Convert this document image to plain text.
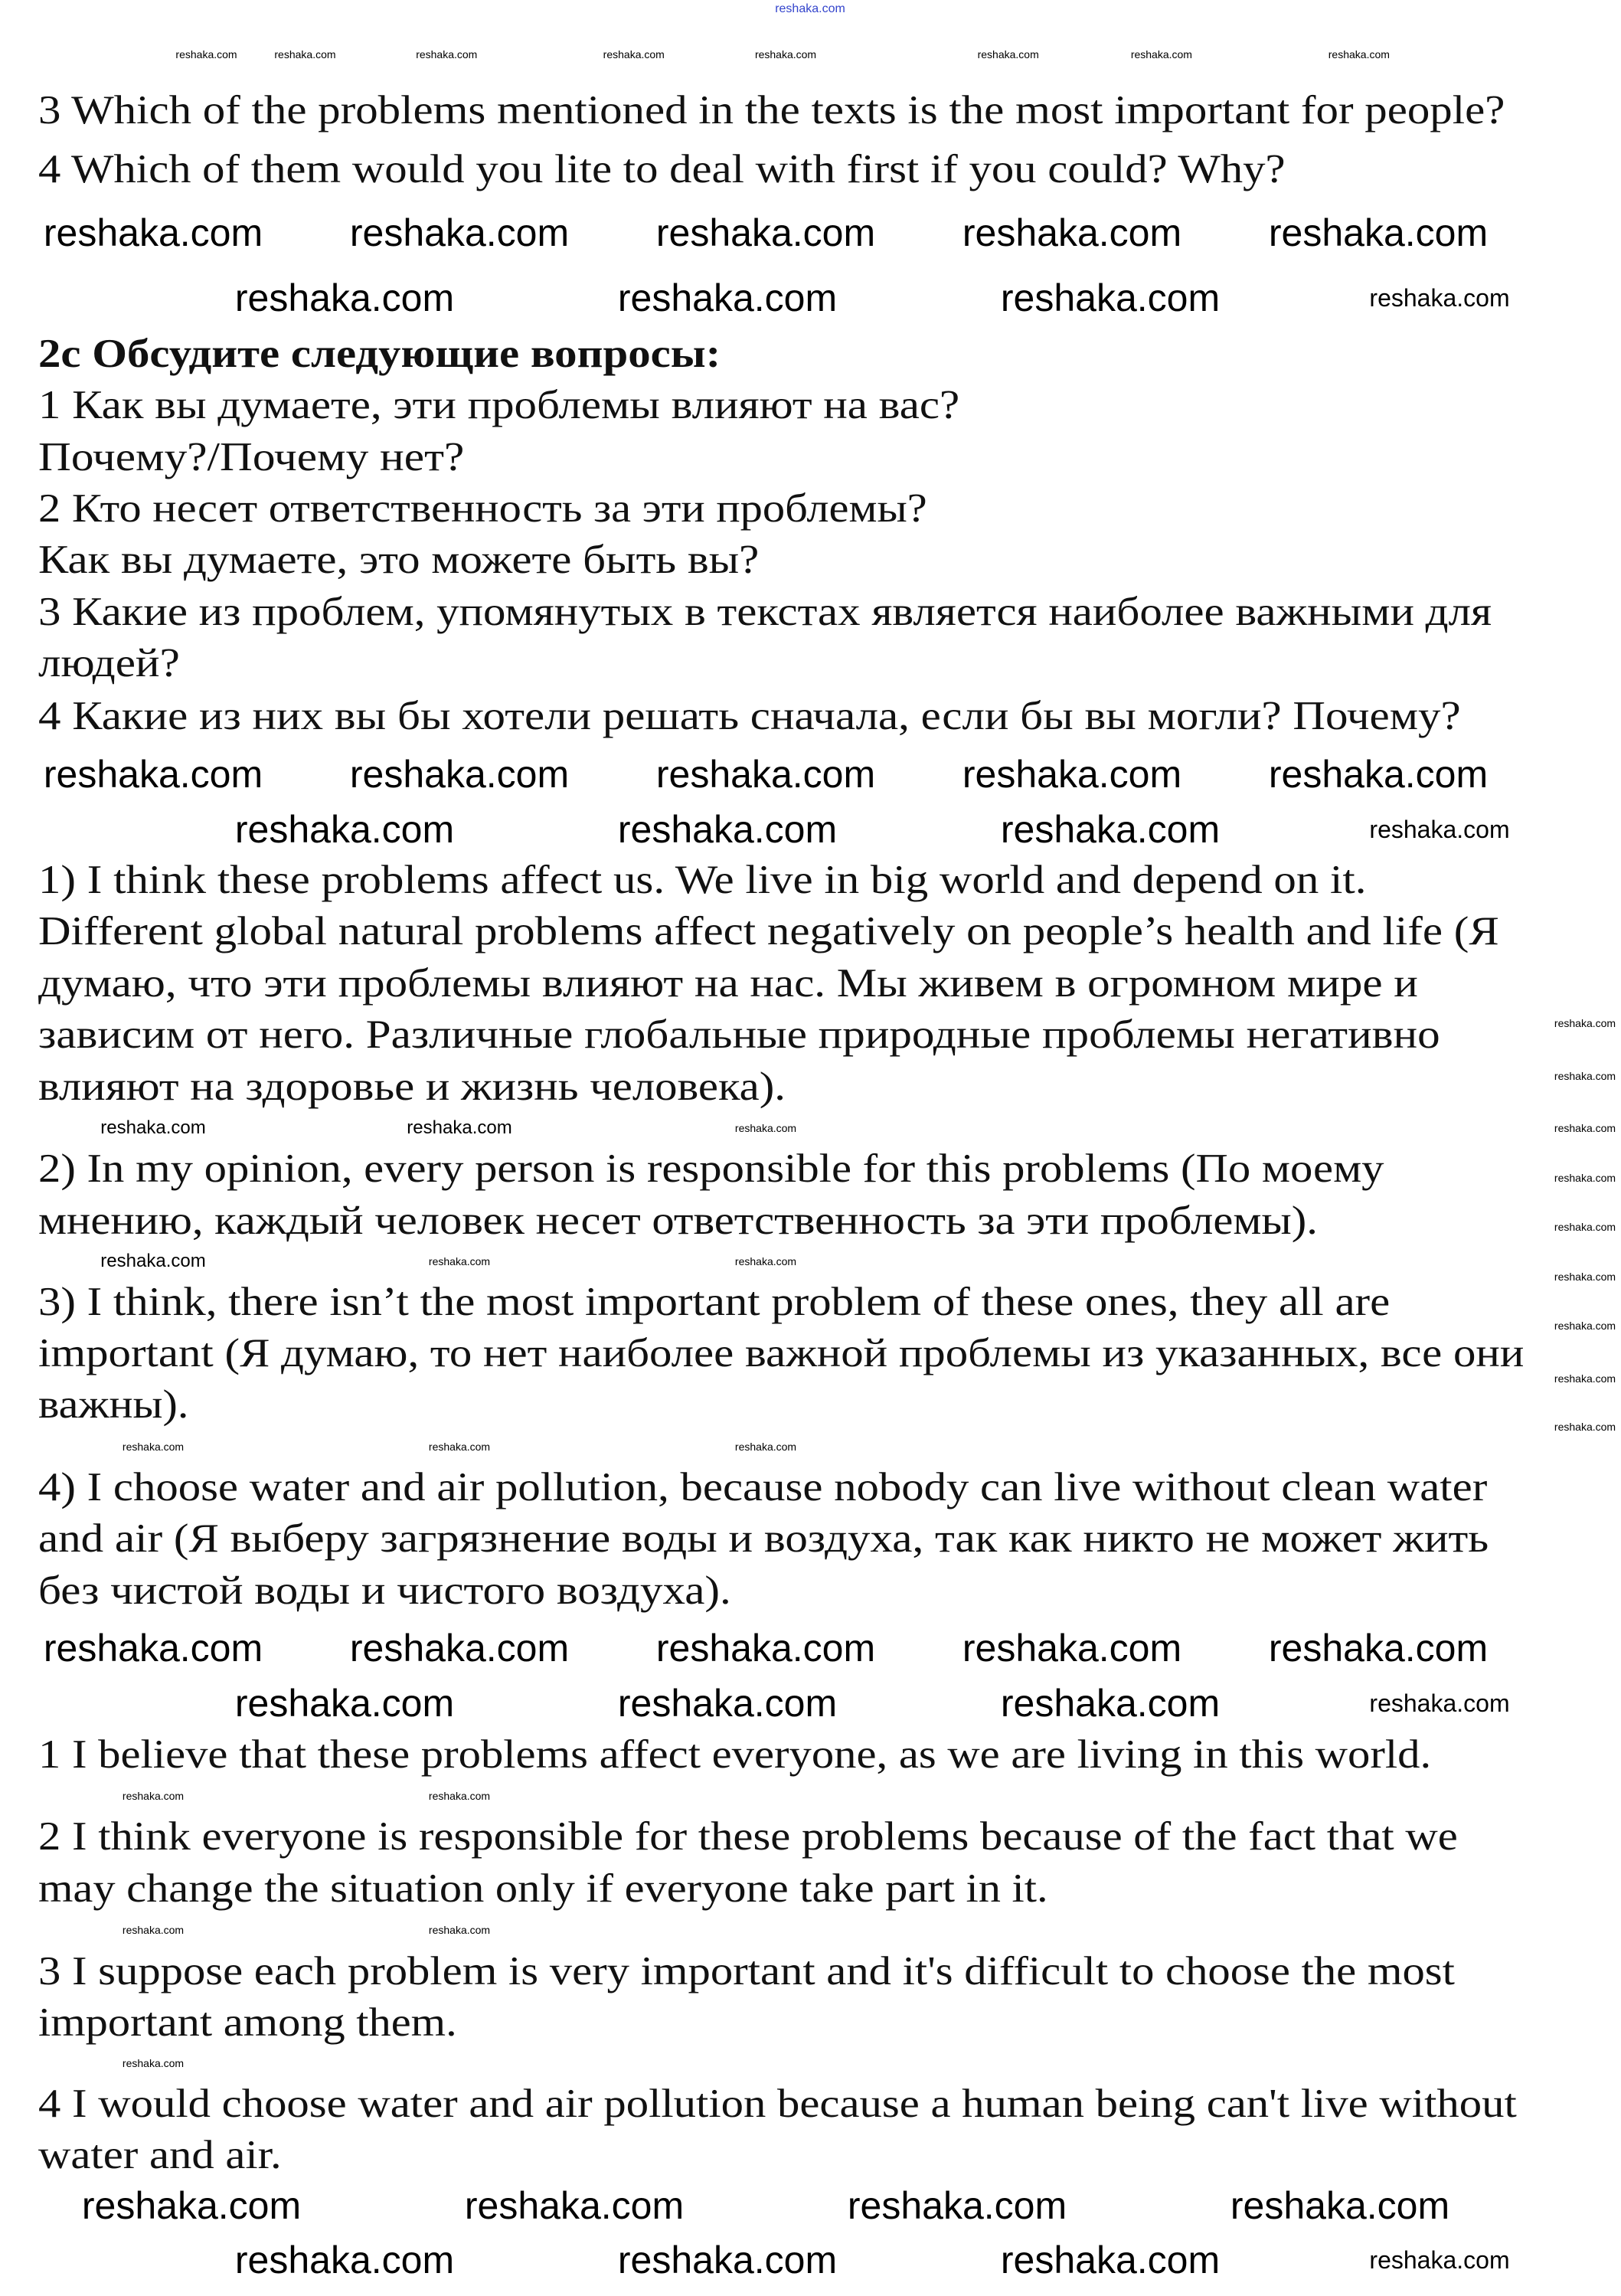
reshaka.com
3 Which of the problems mentioned in the texts is the most important for people?
4 Which of them would you lite to deal with first if you could? Why?
2c Обсудите следующие вопросы:
1 Как вы думаете, эти проблемы влияют на вас?
Почему?/Почему нет?
2 Кто несет ответственность за эти проблемы?
Как вы думаете, это можете быть вы?
3 Какие из проблем, упомянутых в текстах является наиболее важными для
людей?
4 Какие из них вы бы хотели решать сначала, если бы вы могли? Почему?
1) I think these problems affect us. We live in big world and depend on it.
Different global natural problems affect negatively on people’s health and life (Я
думаю, что эти проблемы влияют на нас. Мы живем в огромном мире и
зависим от него. Различные глобальные природные проблемы негативно
влияют на здоровье и жизнь человека).
2) In my opinion, every person is responsible for this problems (По моему
мнению, каждый человек несет ответственность за эти проблемы).
3) I think, there isn’t the most important problem of these ones, they all are
important (Я думаю, то нет наиболее важной проблемы из указанных, все они
важны).
4) I choose water and air pollution, because nobody can live without clean water
and air (Я выберу загрязнение воды и воздуха, так как никто не может жить
без чистой воды и чистого воздуха).
1 I believe that these problems affect everyone, as we are living in this world.
2 I think everyone is responsible for these problems because of the fact that we
may change the situation only if everyone take part in it.
3 I suppose each problem is very important and it's difficult to choose the most
important among them.
4 I would choose water and air pollution because a human being can't live without
water and air.
reshaka.com reshaka.com reshaka.com reshaka.com reshaka.com
reshaka.com reshaka.com reshaka.com reshaka.com reshaka.com
reshaka.com reshaka.com reshaka.com reshaka.com reshaka.com
reshaka.com	reshaka.com	reshaka.com	reshaka.com
reshaka.com	reshaka.com	reshaka.com	reshaka.com
reshaka.com	reshaka.com	reshaka.com	reshaka.com
reshaka.com	reshaka.com	reshaka.com	reshaka.com
reshaka.com	reshaka.com	reshaka.com	reshaka.com
reshaka.com	reshaka.com	reshaka.com
reshaka.com	reshaka.com	reshaka.com
reshaka.com	reshaka.com	reshaka.com
reshaka.com	reshaka.com
reshaka.com	reshaka.com
reshaka.com
reshaka.com	reshaka.com	reshaka.com	reshaka.com	reshaka.com	reshaka.com	reshaka.com	reshaka.com
reshaka.com
reshaka.com
reshaka.com
reshaka.com
reshaka.com
reshaka.com
reshaka.com
reshaka.com
reshaka.com
